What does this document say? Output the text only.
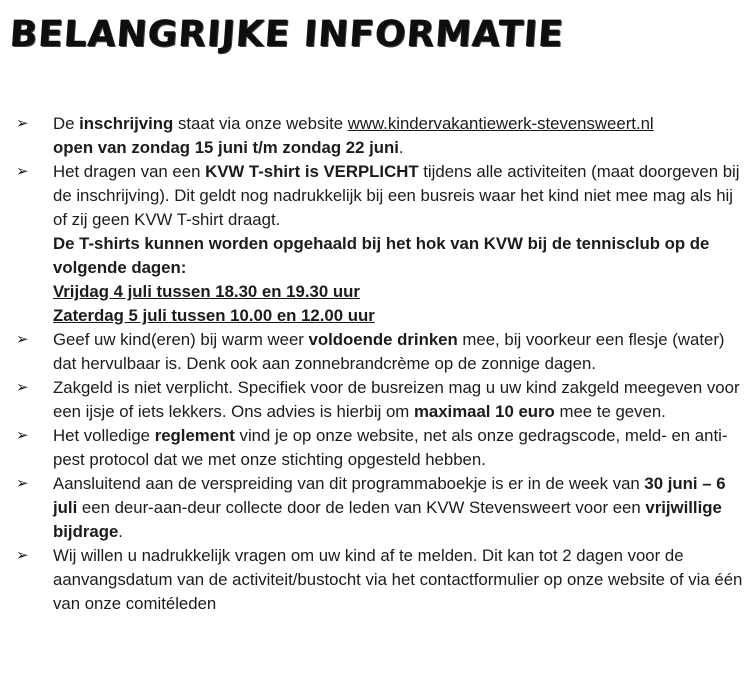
BELANGRIJKE INFORMATIE
➢ De inschrijving staat via onze website www.kindervakantiewerk-stevensweert.nl
open van zondag 15 juni t/m zondag 22 juni.
➢ Het dragen van een KVW T-shirt is VERPLICHT tijdens alle activiteiten (maat doorgeven bij de inschrijving). Dit geldt nog nadrukkelijk bij een busreis waar het kind niet mee mag als hij of zij geen KVW T-shirt draagt.
De T-shirts kunnen worden opgehaald bij het hok van KVW bij de tennisclub op de volgende dagen:
Vrijdag 4 juli tussen 18.30 en 19.30 uur
Zaterdag 5 juli tussen 10.00 en 12.00 uur
➢ Geef uw kind(eren) bij warm weer voldoende drinken mee, bij voorkeur een flesje (water) dat hervulbaar is. Denk ook aan zonnebrandcrème op de zonnige dagen.
➢ Zakgeld is niet verplicht. Specifiek voor de busreizen mag u uw kind zakgeld meegeven voor een ijsje of iets lekkers. Ons advies is hierbij om maximaal 10 euro mee te geven.
➢ Het volledige reglement vind je op onze website, net als onze gedragscode, meld- en anti-pest protocol dat we met onze stichting opgesteld hebben.
➢ Aansluitend aan de verspreiding van dit programmaboekje is er in de week van 30 juni – 6 juli een deur-aan-deur collecte door de leden van KVW Stevensweert voor een vrijwillige bijdrage.
➢ Wij willen u nadrukkelijk vragen om uw kind af te melden. Dit kan tot 2 dagen voor de aanvangsdatum van de activiteit/bustocht via het contactformulier op onze website of via één van onze comitéleden
